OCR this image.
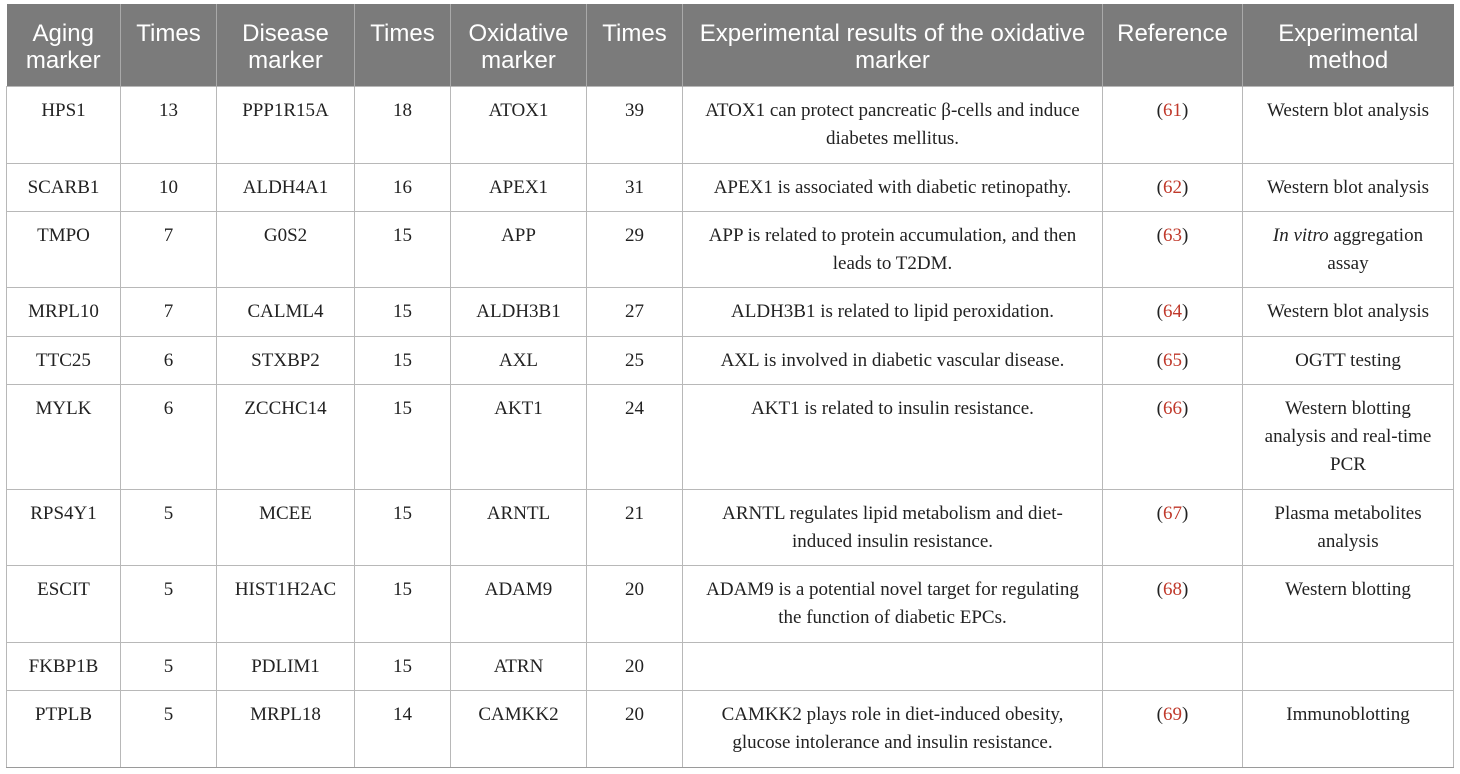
Aging marker	Times	Disease marker	Times	Oxidative marker	Times	Experimental results of the oxidative marker	Reference	Experimental method
HPS1	13	PPP1R15A	18	ATOX1	39	ATOX1 can protect pancreatic β-cells and induce diabetes mellitus.	(61)	Western blot analysis
SCARB1	10	ALDH4A1	16	APEX1	31	APEX1 is associated with diabetic retinopathy.	(62)	Western blot analysis
TMPO	7	G0S2	15	APP	29	APP is related to protein accumulation, and then leads to T2DM.	(63)	In vitro aggregation assay
MRPL10	7	CALML4	15	ALDH3B1	27	ALDH3B1 is related to lipid peroxidation.	(64)	Western blot analysis
TTC25	6	STXBP2	15	AXL	25	AXL is involved in diabetic vascular disease.	(65)	OGTT testing
MYLK	6	ZCCHC14	15	AKT1	24	AKT1 is related to insulin resistance.	(66)	Western blotting analysis and real-time PCR
RPS4Y1	5	MCEE	15	ARNTL	21	ARNTL regulates lipid metabolism and diet-induced insulin resistance.	(67)	Plasma metabolites analysis
ESCIT	5	HIST1H2AC	15	ADAM9	20	ADAM9 is a potential novel target for regulating the function of diabetic EPCs.	(68)	Western blotting
FKBP1B	5	PDLIM1	15	ATRN	20			
PTPLB	5	MRPL18	14	CAMKK2	20	CAMKK2 plays role in diet-induced obesity, glucose intolerance and insulin resistance.	(69)	Immunoblotting
